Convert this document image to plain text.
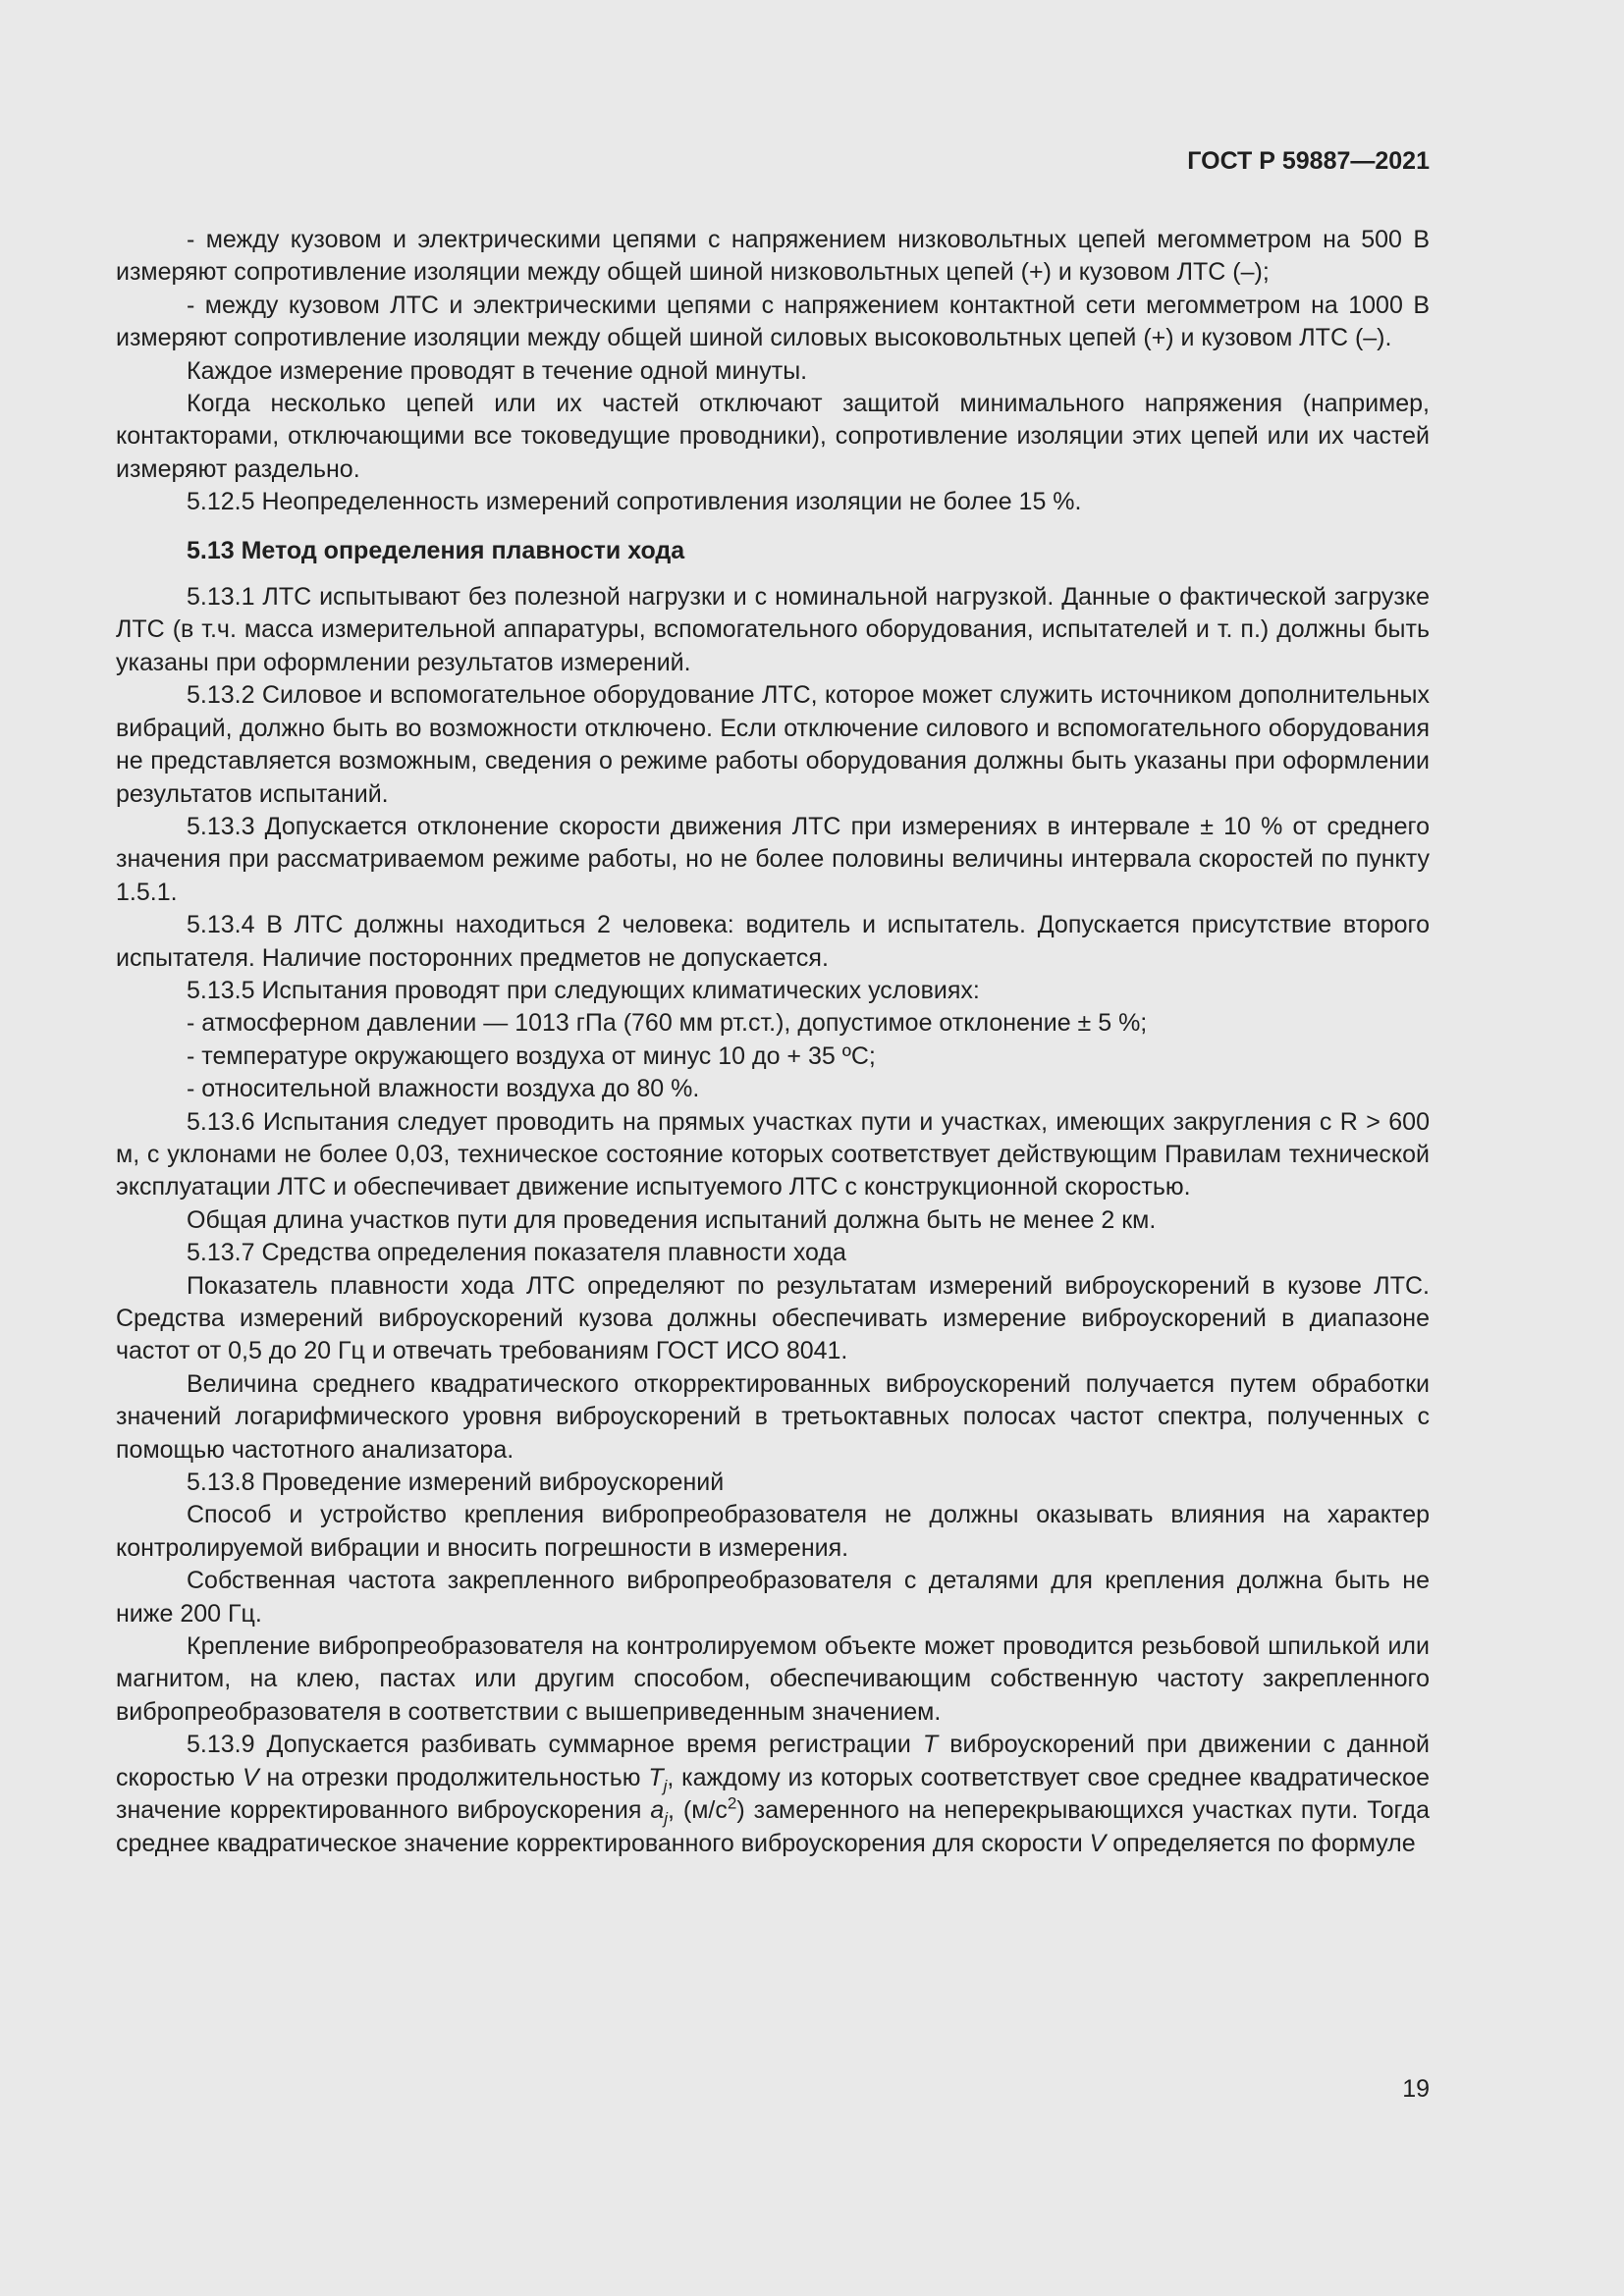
ГОСТ Р 59887—2021

- между кузовом и электрическими цепями с напряжением низковольтных цепей мегомметром на 500 В измеряют сопротивление изоляции между общей шиной низковольтных цепей (+) и кузовом ЛТС (–);

- между кузовом ЛТС и электрическими цепями с напряжением контактной сети мегомметром на 1000 В измеряют сопротивление изоляции между общей шиной силовых высоковольтных цепей (+) и кузовом ЛТС (–).

Каждое измерение проводят в течение одной минуты.

Когда несколько цепей или их частей отключают защитой минимального напряжения (например, контакторами, отключающими все токоведущие проводники), сопротивление изоляции этих цепей или их частей измеряют раздельно.

5.12.5 Неопределенность измерений сопротивления изоляции не более 15 %.

5.13 Метод определения плавности хода

5.13.1 ЛТС испытывают без полезной нагрузки и с номинальной нагрузкой. Данные о фактической загрузке ЛТС (в т.ч. масса измерительной аппаратуры, вспомогательного оборудования, испытателей и т. п.) должны быть указаны при оформлении результатов измерений.

5.13.2 Силовое и вспомогательное оборудование ЛТС, которое может служить источником дополнительных вибраций, должно быть во возможности отключено. Если отключение силового и вспомогательного оборудования не представляется возможным, сведения о режиме работы оборудования должны быть указаны при оформлении результатов испытаний.

5.13.3 Допускается отклонение скорости движения ЛТС при измерениях в интервале ± 10 % от среднего значения при рассматриваемом режиме работы, но не более половины величины интервала скоростей по пункту 1.5.1.

5.13.4 В ЛТС должны находиться 2 человека: водитель и испытатель. Допускается присутствие второго испытателя. Наличие посторонних предметов не допускается.

5.13.5 Испытания проводят при следующих климатических условиях:

- атмосферном давлении — 1013 гПа (760 мм рт.ст.), допустимое отклонение ± 5 %;

- температуре окружающего воздуха от минус 10 до + 35 ºС;

- относительной влажности воздуха до 80 %.

5.13.6 Испытания следует проводить на прямых участках пути и участках, имеющих закругления с R > 600 м, с уклонами не более 0,03, техническое состояние которых соответствует действующим Правилам технической эксплуатации ЛТС и обеспечивает движение испытуемого ЛТС с конструкционной скоростью.

Общая длина участков пути для проведения испытаний должна быть не менее 2 км.

5.13.7 Средства определения показателя плавности хода

Показатель плавности хода ЛТС определяют по результатам измерений виброускорений в кузове ЛТС. Средства измерений виброускорений кузова должны обеспечивать измерение виброускорений в диапазоне частот от 0,5 до 20 Гц и отвечать требованиям ГОСТ ИСО 8041.

Величина среднего квадратического откорректированных виброускорений получается путем обработки значений логарифмического уровня виброускорений в третьоктавных полосах частот спектра, полученных с помощью частотного анализатора.

5.13.8 Проведение измерений виброускорений

Способ и устройство крепления вибропреобразователя не должны оказывать влияния на характер контролируемой вибрации и вносить погрешности в измерения.

Собственная частота закрепленного вибропреобразователя с деталями для крепления должна быть не ниже 200 Гц.

Крепление вибропреобразователя на контролируемом объекте может проводится резьбовой шпилькой или магнитом, на клею, пастах или другим способом, обеспечивающим собственную частоту закрепленного вибропреобразователя в соответствии с вышеприведенным значением.

5.13.9 Допускается разбивать суммарное время регистрации T виброускорений при движении с данной скоростью V на отрезки продолжительностью $T_j$, каждому из которых соответствует свое среднее квадратическое значение корректированного виброускорения $a_j$, $(м/с^2)$ замеренного на неперекрывающихся участках пути. Тогда среднее квадратическое значение корректированного виброускорения для скорости V определяется по формуле

19
